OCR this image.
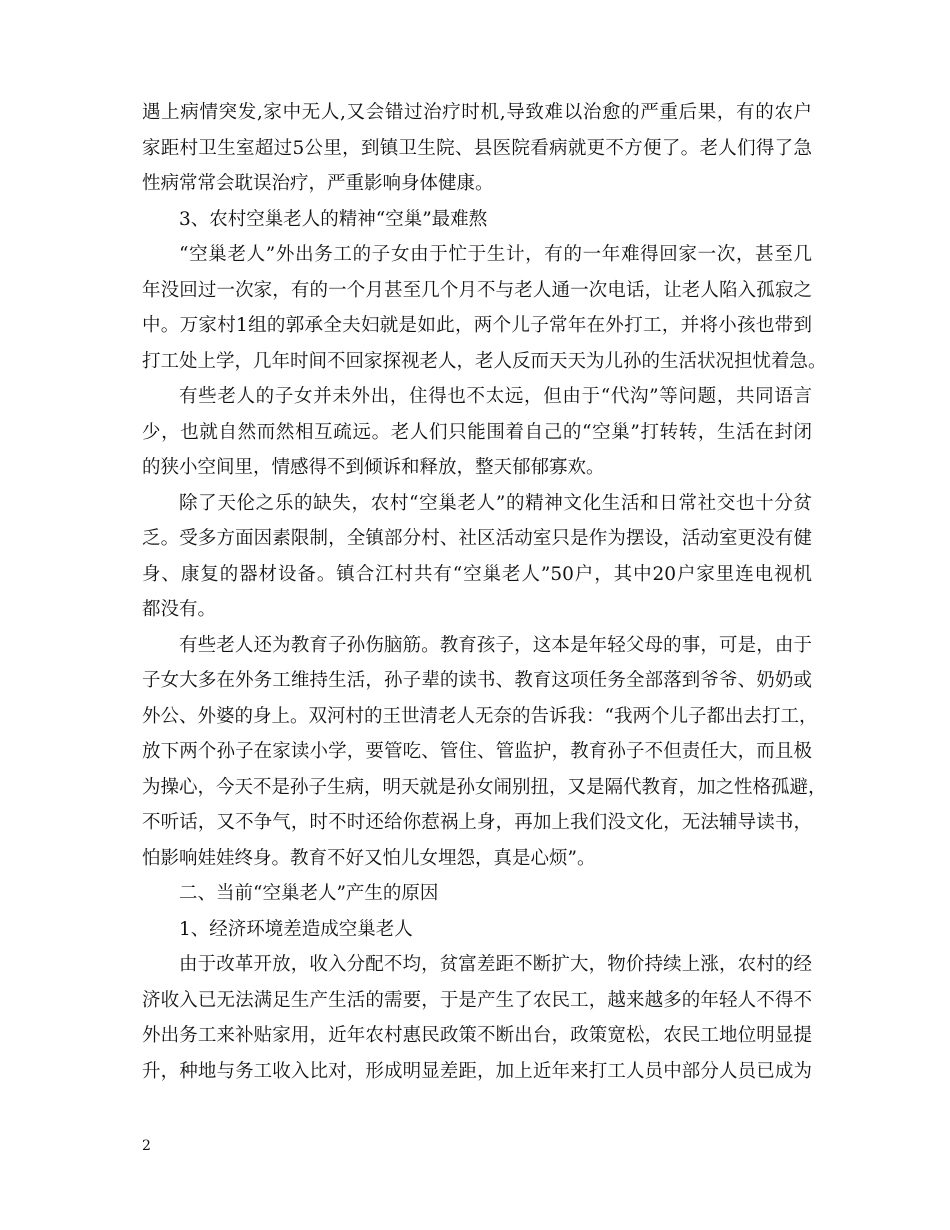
遇上病情突发,家中无人,又会错过治疗时机,导致难以治愈的严重后果，有的农户
家距村卫生室超过5公里，到镇卫生院、县医院看病就更不方便了。老人们得了急
性病常常会耽误治疗，严重影响身体健康。
3、农村空巢老人的精神“空巢”最难熬
“空巢老人”外出务工的子女由于忙于生计，有的一年难得回家一次，甚至几
年没回过一次家，有的一个月甚至几个月不与老人通一次电话，让老人陷入孤寂之
中。万家村1组的郭承全夫妇就是如此，两个儿子常年在外打工，并将小孩也带到
打工处上学，几年时间不回家探视老人，老人反而天天为儿孙的生活状况担忧着急。
有些老人的子女并未外出，住得也不太远，但由于“代沟”等问题，共同语言
少，也就自然而然相互疏远。老人们只能围着自己的“空巢”打转转，生活在封闭
的狭小空间里，情感得不到倾诉和释放，整天郁郁寡欢。
除了天伦之乐的缺失，农村“空巢老人”的精神文化生活和日常社交也十分贫
乏。受多方面因素限制，全镇部分村、社区活动室只是作为摆设，活动室更没有健
身、康复的器材设备。镇合江村共有“空巢老人”50户，其中20户家里连电视机
都没有。
有些老人还为教育子孙伤脑筋。教育孩子，这本是年轻父母的事，可是，由于
子女大多在外务工维持生活，孙子辈的读书、教育这项任务全部落到爷爷、奶奶或
外公、外婆的身上。双河村的王世清老人无奈的告诉我：“我两个儿子都出去打工，
放下两个孙子在家读小学，要管吃、管住、管监护，教育孙子不但责任大，而且极
为操心，今天不是孙子生病，明天就是孙女闹别扭，又是隔代教育，加之性格孤避，
不听话，又不争气，时不时还给你惹祸上身，再加上我们没文化，无法辅导读书，
怕影响娃娃终身。教育不好又怕儿女埋怨，真是心烦”。
二、当前“空巢老人”产生的原因
1、经济环境差造成空巢老人
由于改革开放，收入分配不均，贫富差距不断扩大，物价持续上涨，农村的经
济收入已无法满足生产生活的需要，于是产生了农民工，越来越多的年轻人不得不
外出务工来补贴家用，近年农村惠民政策不断出台，政策宽松，农民工地位明显提
升，种地与务工收入比对，形成明显差距，加上近年来打工人员中部分人员已成为
2
